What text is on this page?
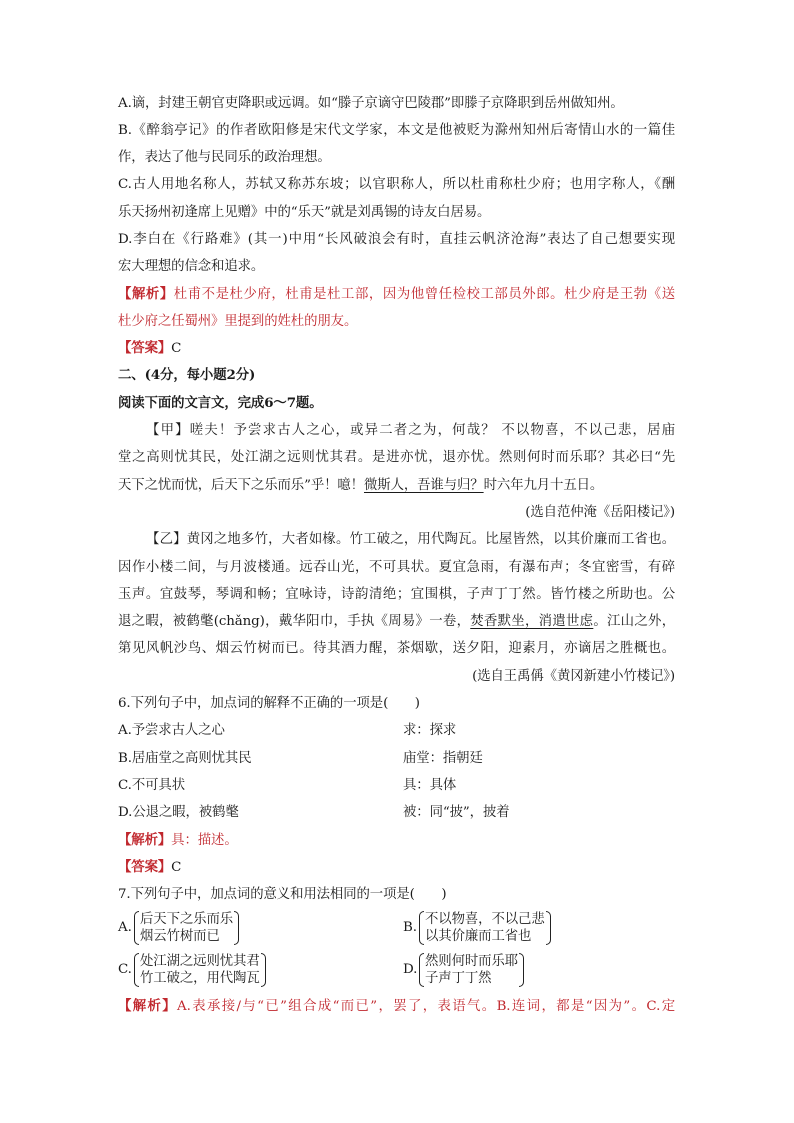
A.谪，封建王朝官吏降职或远调。如“滕子京谪守巴陵郡”即滕子京降职到岳州做知州。
B.《醉翁亭记》的作者欧阳修是宋代文学家，本文是他被贬为滁州知州后寄情山水的一篇佳
作，表达了他与民同乐的政治理想。
C.古人用地名称人，苏轼又称苏东坡；以官职称人，所以杜甫称杜少府；也用字称人，《酬
乐天扬州初逢席上见赠》中的“乐天”就是刘禹锡的诗友白居易。
D.李白在《行路难》(其一)中用“长风破浪会有时，直挂云帆济沧海”表达了自己想要实现
宏大理想的信念和追求。
【解析】杜甫不是杜少府，杜甫是杜工部，因为他曾任检校工部员外郎。杜少府是王勃《送
杜少府之任蜀州》里提到的姓杜的朋友。
【答案】C
二、(4分，每小题2分)
阅读下面的文言文，完成6～7题。
【甲】嗟夫！予尝求古人之心，或异二者之为，何哉？ 不以物喜，不以己悲，居庙
堂之高则忧其民，处江湖之远则忧其君。是进亦忧，退亦忧。然则何时而乐耶？其必曰“先
天下之忧而忧，后天下之乐而乐”乎！噫！微斯人，吾谁与归？时六年九月十五日。
(选自范仲淹《岳阳楼记》)
【乙】黄冈之地多竹，大者如椽。竹工破之，用代陶瓦。比屋皆然，以其价廉而工省也。
因作小楼二间，与月波楼通。远吞山光，不可具状。夏宜急雨，有瀑布声；冬宜密雪，有碎
玉声。宜鼓琴，琴调和畅；宜咏诗，诗韵清绝；宜围棋，子声丁丁然。皆竹楼之所助也。公
退之暇，被鹤氅(chǎng)，戴华阳巾，手执《周易》一卷，焚香默坐，消遣世虑。江山之外，
第见风帆沙鸟、烟云竹树而已。待其酒力醒，茶烟歇，送夕阳，迎素月，亦谪居之胜概也。
(选自王禹偁《黄冈新建小竹楼记》)
6.下列句子中，加点词的解释不正确的一项是(　　)
A.予尝求古人之心	求：探求
B.居庙堂之高则忧其民	庙堂：指朝廷
C.不可具状	具：具体
D.公退之暇，被鹤氅	被：同“披”，披着
【解析】具：描述。
【答案】C
7.下列句子中，加点词的意义和用法相同的一项是(　　)
A.
后天下之乐而乐
烟云竹树而已
B.
不以物喜，不以己悲
以其价廉而工省也
C.
处江湖之远则忧其君
竹工破之，用代陶瓦
D.
然则何时而乐耶
子声丁丁然
【解析】A.表承接/与“已”组合成“而已”，罢了，表语气。B.连词，都是“因为”。C.定
